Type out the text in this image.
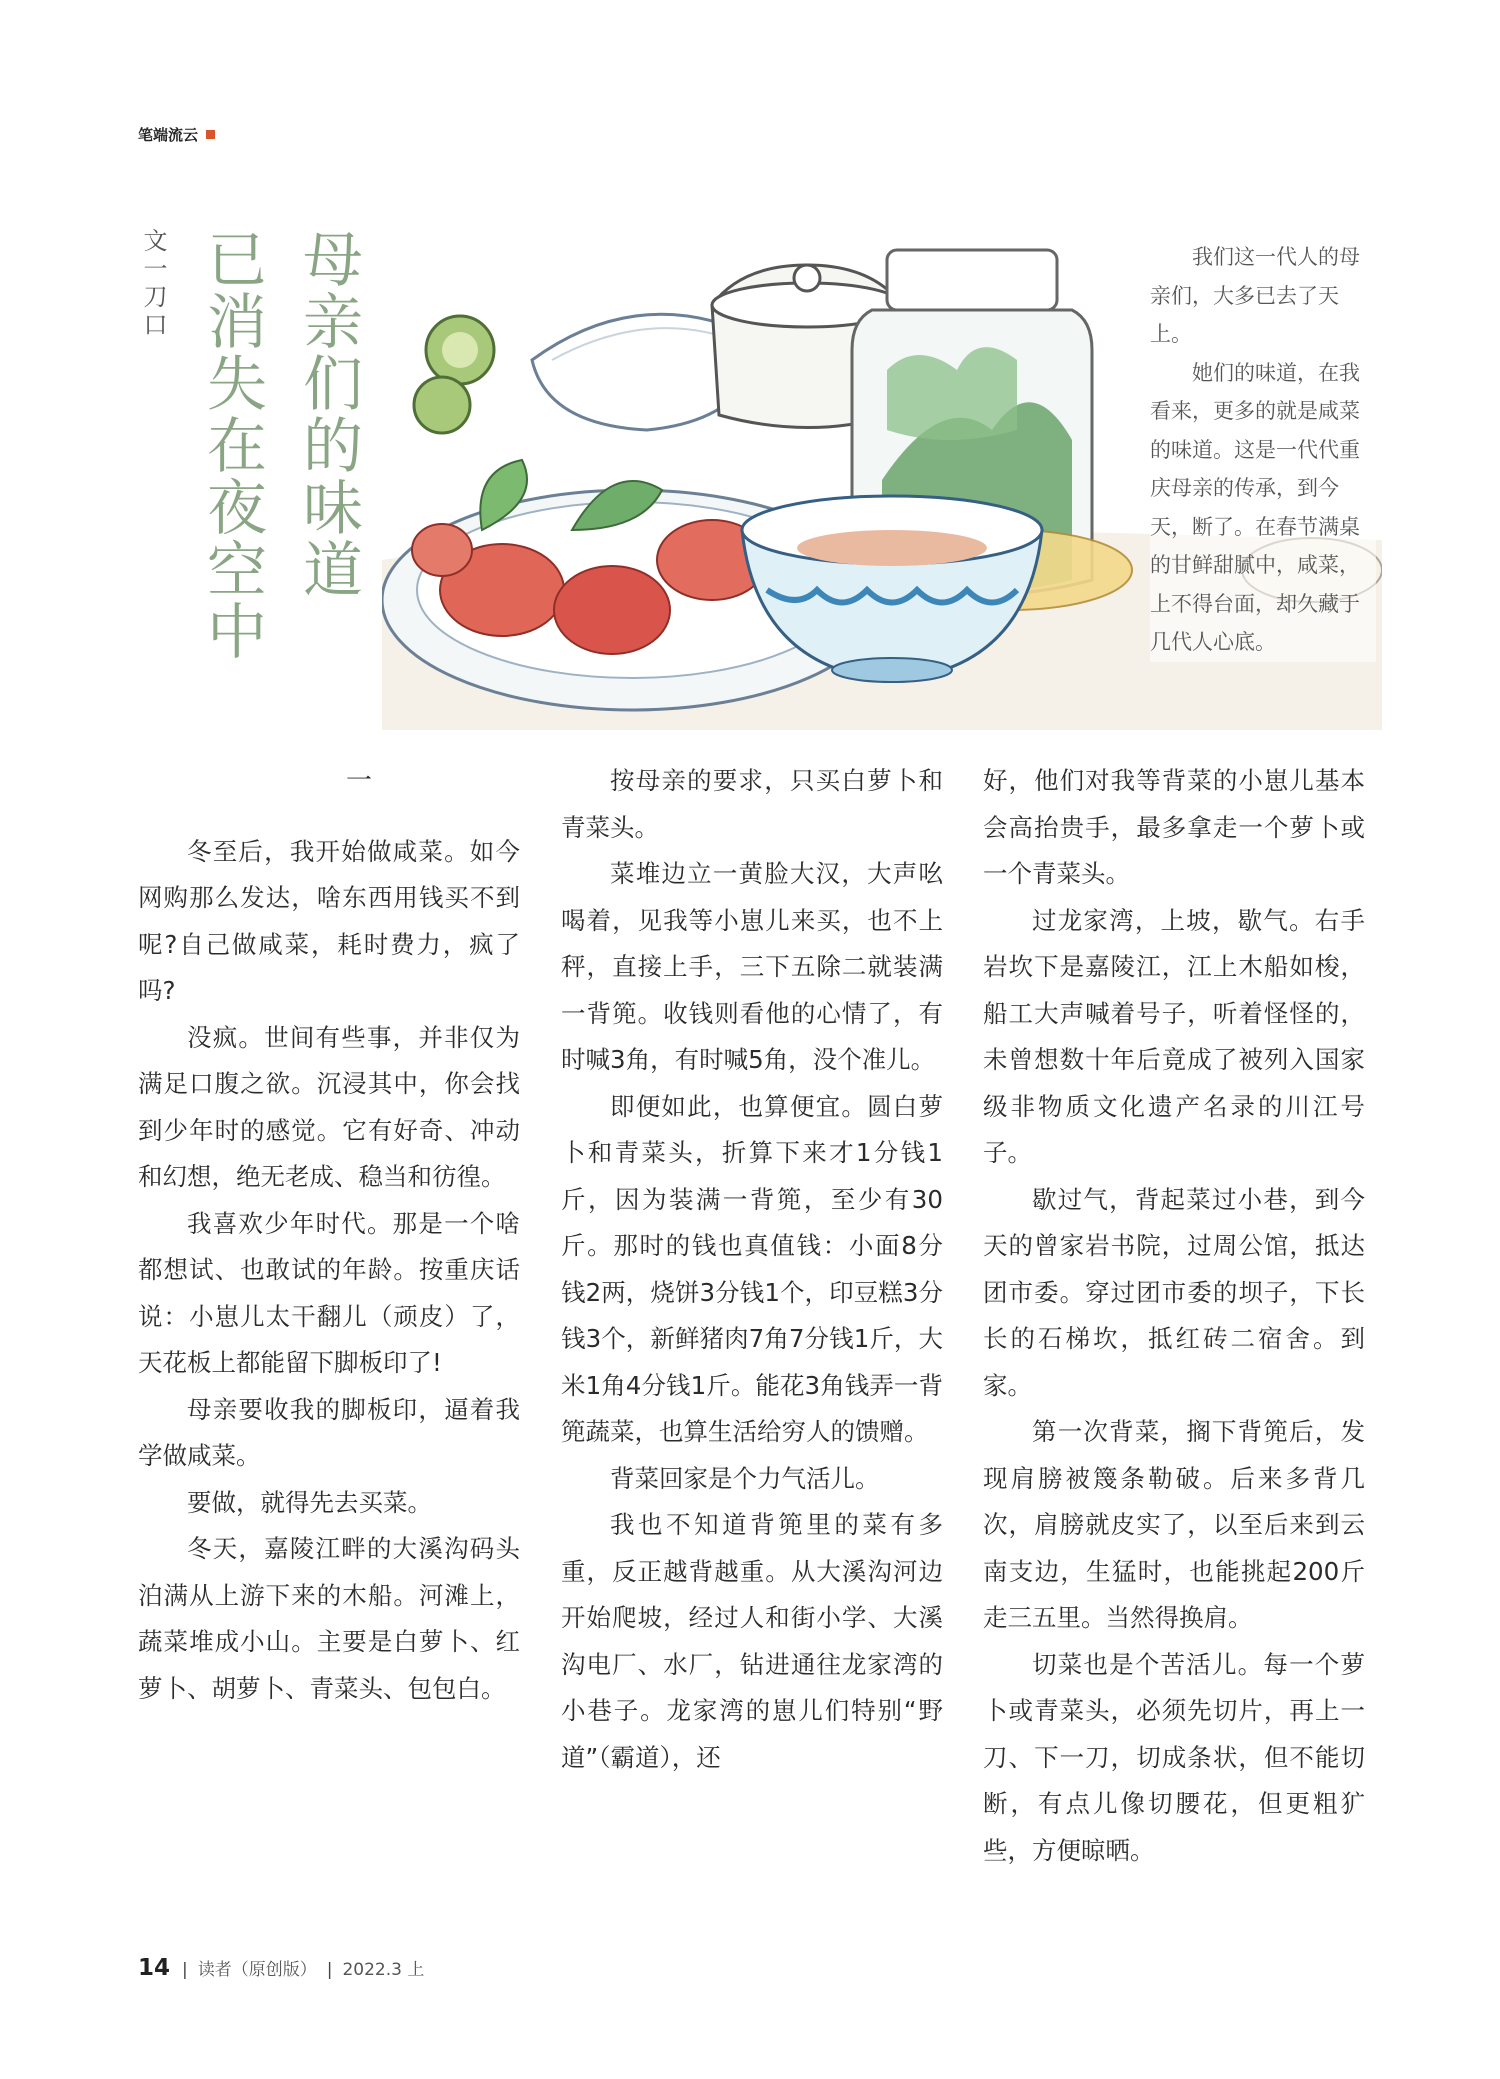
笔端流云
文一刀口 母亲们的味道
已消失在夜空中	我们这一代人的母亲们，大多已去了天上。

她们的味道，在我看来，更多的就是咸菜的味道。这是一代代重庆母亲的传承，到今天，断了。在春节满桌的甘鲜甜腻中，咸菜，上不得台面，却久藏于几代人心底。

一

冬至后，我开始做咸菜。如今网购那么发达，啥东西用钱买不到呢?自己做咸菜，耗时费力，疯了吗?

没疯。世间有些事，并非仅为满足口腹之欲。沉浸其中，你会找到少年时的感觉。它有好奇、冲动和幻想，绝无老成、稳当和彷徨。

我喜欢少年时代。那是一个啥都想试、也敢试的年龄。按重庆话说：小崽儿太干翻儿（顽皮）了，天花板上都能留下脚板印了!

母亲要收我的脚板印，逼着我学做咸菜。

要做，就得先去买菜。

冬天，嘉陵江畔的大溪沟码头泊满从上游下来的木船。河滩上，蔬菜堆成小山。主要是白萝卜、红萝卜、胡萝卜、青菜头、包包白。

按母亲的要求，只买白萝卜和青菜头。

菜堆边立一黄脸大汉，大声吆喝着，见我等小崽儿来买，也不上秤，直接上手，三下五除二就装满一背篼。收钱则看他的心情了，有时喊3角，有时喊5角，没个准儿。

即便如此，也算便宜。圆白萝卜和青菜头，折算下来才1分钱1斤，因为装满一背篼，至少有30斤。那时的钱也真值钱：小面8分钱2两，烧饼3分钱1个，印豆糕3分钱3个，新鲜猪肉7角7分钱1斤，大米1角4分钱1斤。能花3角钱弄一背篼蔬菜，也算生活给穷人的馈赠。

背菜回家是个力气活儿。

我也不知道背篼里的菜有多重，反正越背越重。从大溪沟河边开始爬坡，经过人和街小学、大溪沟电厂、水厂，钻进通往龙家湾的小巷子。龙家湾的崽儿们特别“野道”（霸道），还

好，他们对我等背菜的小崽儿基本会高抬贵手，最多拿走一个萝卜或一个青菜头。

过龙家湾，上坡，歇气。右手岩坎下是嘉陵江，江上木船如梭，船工大声喊着号子，听着怪怪的，未曾想数十年后竟成了被列入国家级非物质文化遗产名录的川江号子。

歇过气，背起菜过小巷，到今天的曾家岩书院，过周公馆，抵达团市委。穿过团市委的坝子，下长长的石梯坎，抵红砖二宿舍。到家。

第一次背菜，搁下背篼后，发现肩膀被篾条勒破。后来多背几次，肩膀就皮实了，以至后来到云南支边，生猛时，也能挑起200斤走三五里。当然得换肩。

切菜也是个苦活儿。每一个萝卜或青菜头，必须先切片，再上一刀、下一刀，切成条状，但不能切断，有点儿像切腰花，但更粗犷些，方便晾晒。

14 | 读者（原创版） | 2022.3 上
